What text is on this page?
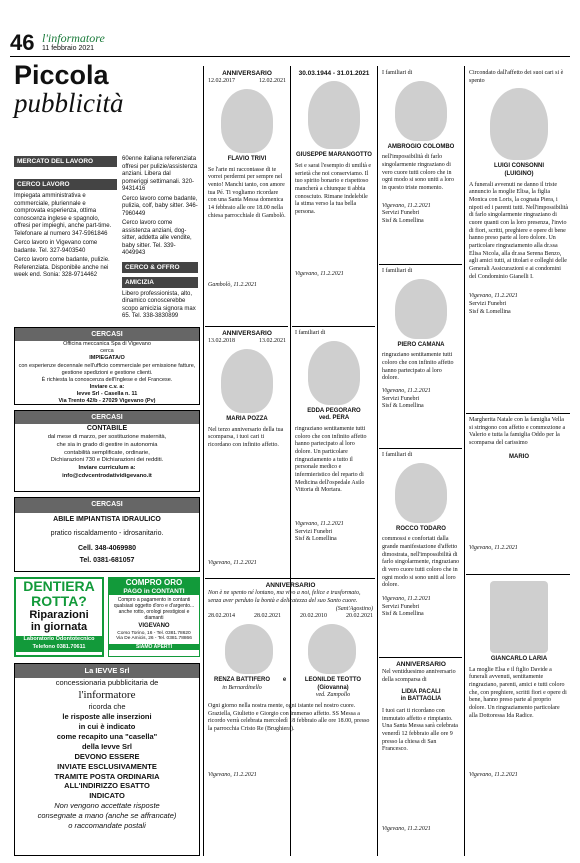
46 l'informatore
11 febbraio 2021
Piccola
pubblicità
MERCATO DEL LAVORO
CERCO LAVORO
Impiegata amministrativa e commerciale, pluriennale e comprovata esperienza, ottima conoscenza inglese e spagnolo, offresi per impieghi, anche part-time. Telefonare al numero 347-5961846
Cerco lavoro in Vigevano come badante. Tel. 327-9403540
Cerco lavoro come badante, pulizie. Referenziata. Disponibile anche nei week end. Sonia: 328-9714462
60enne italiana referenziata offresi per pulizie/assistenza anziani. Libera dal pomeriggi settimanali. 320-9431416
Cerco lavoro come badante, pulizia, colf, baby sitter. 346-7960449
Cerco lavoro come assistenza anziani, dog-sitter, addetta alle vendite, baby sitter. Tel. 339-4049943
CERCO & OFFRO
AMICIZIA
Libero professionista, alto, dinamico conoscerebbe scopo amicizia signora max 65. Tel. 338-3830899
CERCASI
Officina meccanica Spa di Vigevano
cerca
IMPIEGATA/O
con esperienze decennale nell'ufficio commerciale per emissione fatture, gestione spedizioni e gestione clienti.
È richiesta la conoscenza dell'Inglese e del Francese.
Inviare c.v. a:
Ievve Srl - Casella n. 11
Via Trento 42/b - 27029 Vigevano (Pv)
CERCASI
CONTABILE
dal mese di marzo, per sostituzione maternità,
che sia in grado di gestire in autonomia
contabilità semplificate, ordinarie,
Dichiarazioni 730 e Dichiarazioni dei redditi.
Inviare curriculum a:
info@cdvcentrodatividigevano.it
CERCASI
ABILE IMPIANTISTA IDRAULICO
pratico riscaldamento - idrosanitario.
Cell. 348-4069980
Tel. 0381-681057
DENTIERA
ROTTA?
Riparazioni
in giornata
Laboratorio Odontotecnico
Telefono 0381.70611
COMPRO ORO
PAGO in CONTANTI
Compro a pagamento in contanti qualsiasi oggetto d'oro e d'argento... anche rotto, orologi prestigiosi e diamanti
VIGEVANO
Corso Torino, 16 - Tel. 0381.78620
Via De Amicis, 26 - Tel. 0381.78866
SIAMO APERTI
La IEVVE Srl
concessionaria pubblicitaria de
l'informatore
ricorda che
le risposte alle inserzioni
in cui è indicato
come recapito una "casella"
della Ievve Srl
DEVONO ESSERE
INVIATE ESCLUSIVAMENTE
TRAMITE POSTA ORDINARIA
ALL'INDIRIZZO ESATTO
INDICATO
Non vengono accettate risposte
consegnate a mano (anche se affrancate)
o raccomandate postali
ANNIVERSARIO
12.02.2017	12.02.2021
FLAVIO TRIVI
Se l'arte mi raccontasse di te vorrei perdermi per sempre nel vento! Manchi tanto, con amore tua Pé. Ti vogliamo ricordare con una Santa Messa domenica 14 febbraio alle ore 18.00 nella chiesa parrocchiale di Gambolò.
Gambolò, 11.2.2021
ANNIVERSARIO
13.02.2018	13.02.2021
MARIA POZZA
Nel terzo anniversario della tua scomparsa, i tuoi cari ti ricordano con infinito affetto.
Vigevano, 11.2.2021
30.03.1944 - 31.01.2021
GIUSEPPE MARANGOTTO
Sei e sarai l'esempio di umiltà e serietà che noi conserviamo. Il tuo spirito bonario e rispettoso mancherà a chiunque ti abbia conosciuto. Rimane indelebile la stima verso la tua bella persona.
Vigevano, 11.2.2021
I familiari di
EDDA PEGORARO
ved. PERA
ringraziano sentitamente tutti coloro che con infinito affetto hanno partecipato al loro dolore. Un particolare ringraziamento a tutto il personale medico e infermieristico del reparto di Medicina dell'ospedale Asilo Vittoria di Mortara.
Vigevano, 11.2.2021
Servizi Funebri
Sisf & Lomellina
I familiari di
AMBROGIO COLOMBO
nell'impossibilità di farlo singolarmente ringraziano di vero cuore tutti coloro che in ogni modo si sono uniti a loro in questo triste momento.
Vigevano, 11.2.2021
Servizi Funebri
Sisf & Lomellina
I familiari di
PIERO CAMANA
ringraziano sentitamente tutti coloro che con infinito affetto hanno partecipato al loro dolore.
Vigevano, 11.2.2021
Servizi Funebri
Sisf & Lomellina
I familiari di
ROCCO TODARO
commossi e confortati dalla grande manifestazione d'affetto dimostrata, nell'impossibilità di farlo singolarmente, ringraziano di vero cuore tutti coloro che in ogni modo si sono uniti al loro dolore.
Vigevano, 11.2.2021
Servizi Funebri
Sisf & Lomellina
ANNIVERSARIO
Nel ventiduesimo anniversario della scomparsa di
LIDIA PACALI
in BATTAGLIA
I tuoi cari ti ricordano con immutato affetto e rimpianto. Una Santa Messa sarà celebrata venerdì 12 febbraio alle ore 9 presso la chiesa di San Francesco.
Vigevano, 11.2.2021
Circondato dall'affetto dei suoi cari si è spento
LUIGI CONSONNI
(LUIGINO)
A funerali avvenuti ne danno il triste annuncio la moglie Elisa, la figlia Monica con Loris, la cognata Piera, i nipoti ed i parenti tutti. Nell'impossibilità di farlo singolarmente ringraziano di cuore quanti con la loro presenza, l'invio di fiori, scritti, preghiere e opere di bene hanno preso parte al loro dolore. Un particolare ringraziamento alla dr.ssa Elisa Nicola, alla dr.ssa Serena Benzo, agli amici tutti, ai titolari e colleghi delle Generali Assicurazioni e ai condomini del Condominio Gianelli I.
Vigevano, 11.2.2021
Servizi Funebri
Sisf & Lomellina
Margherita Natale con la famiglia Vella si stringono con affetto e commozione a Valerio e tutta la famiglia Oddo per la scomparsa del carissimo
MARIO
Vigevano, 11.2.2021
GIANCARLO LARIA
La moglie Elsa e il figlio Davide a funerali avvenuti, sentitamente ringraziano, parenti, amici e tutti coloro che, con preghiere, scritti fiori e opere di bene, hanno preso parte al proprio dolore. Un ringraziamento particolare alla Dottoressa Ida Radice.
Vigevano, 11.2.2021
ANNIVERSARIO
Non è ne spento né lontano, ma vivo a noi, felice e trasformato, senza aver perduto la bontà e delicatezza del suo Santo cuore.
(Sant'Agostino)
28.02.2014	28.02.2021	20.02.2010	20.02.2021
RENZA BATTIFERO
in Bernardinello
e	LEONILDE TEOTTO
(Giovanna)
ved. Zampollo
Ogni giorno nella nostra mente, ogni istante nel nostro cuore. Graziella, Giulietto e Giorgio con immenso affetto. SS Messa a ricordo verrà celebrata mercoledì 18 febbraio alle ore 18.00, presso la parrocchia Cristo Re (Brughiera).
Vigevano, 11.2.2021
